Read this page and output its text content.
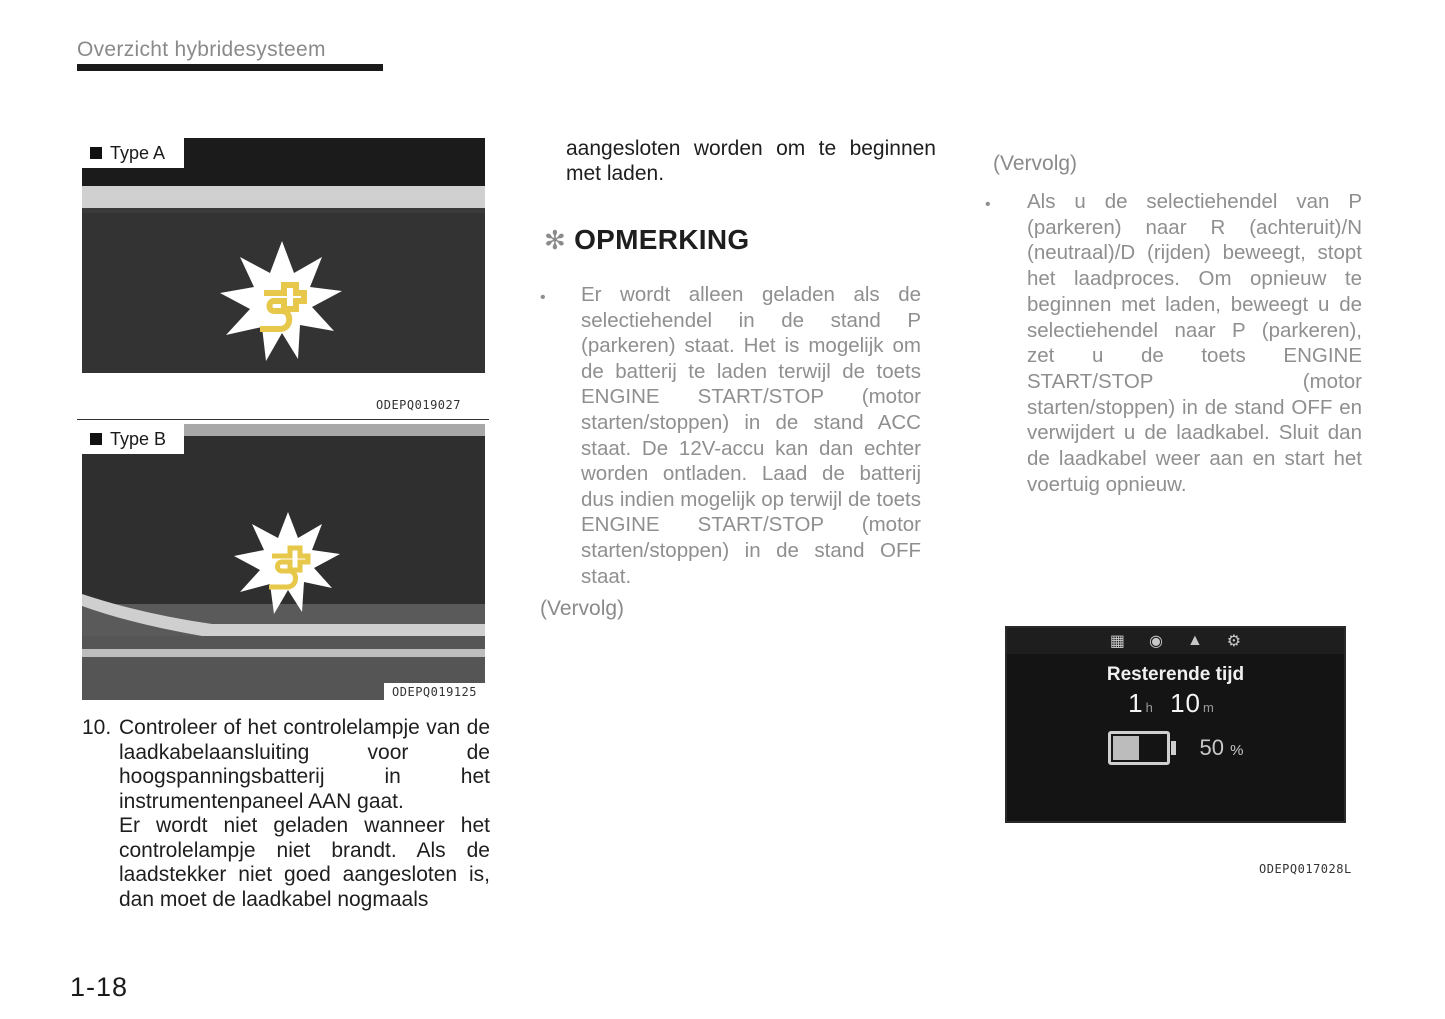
Overzicht hybridesysteem
Type A
ODEPQ019027
Type B
ODEPQ019125
10. Controleer of het controlelampje van de laadkabelaansluiting voor de hoogspanningsbatterij in het instrumentenpaneel AAN gaat.
Er wordt niet geladen wanneer het controlelampje niet brandt. Als de laadstekker niet goed aangesloten is, dan moet de laadkabel nogmaals
aangesloten worden om te beginnen met laden.
✻ OPMERKING
• Er wordt alleen geladen als de selectiehendel in de stand P (parkeren) staat. Het is mogelijk om de batterij te laden terwijl de toets ENGINE START/STOP (motor starten/stoppen) in de stand ACC staat. De 12V-accu kan dan echter worden ontladen. Laad de batterij dus indien mogelijk op terwijl de toets ENGINE START/STOP (motor starten/stoppen) in de stand OFF staat.
(Vervolg)
(Vervolg)
• Als u de selectiehendel van P (parkeren) naar R (achteruit)/N (neutraal)/D (rijden) beweegt, stopt het laadproces. Om opnieuw te beginnen met laden, beweegt u de selectiehendel naar P (parkeren), zet u de toets ENGINE START/STOP (motor starten/stoppen) in de stand OFF en verwijdert u de laadkabel. Sluit dan de laadkabel weer aan en start het voertuig opnieuw.
▦ ◉ ▲ ⚙
Resterende tijd
1 h 10 m
50 %
ODEPQ017028L
1-18
